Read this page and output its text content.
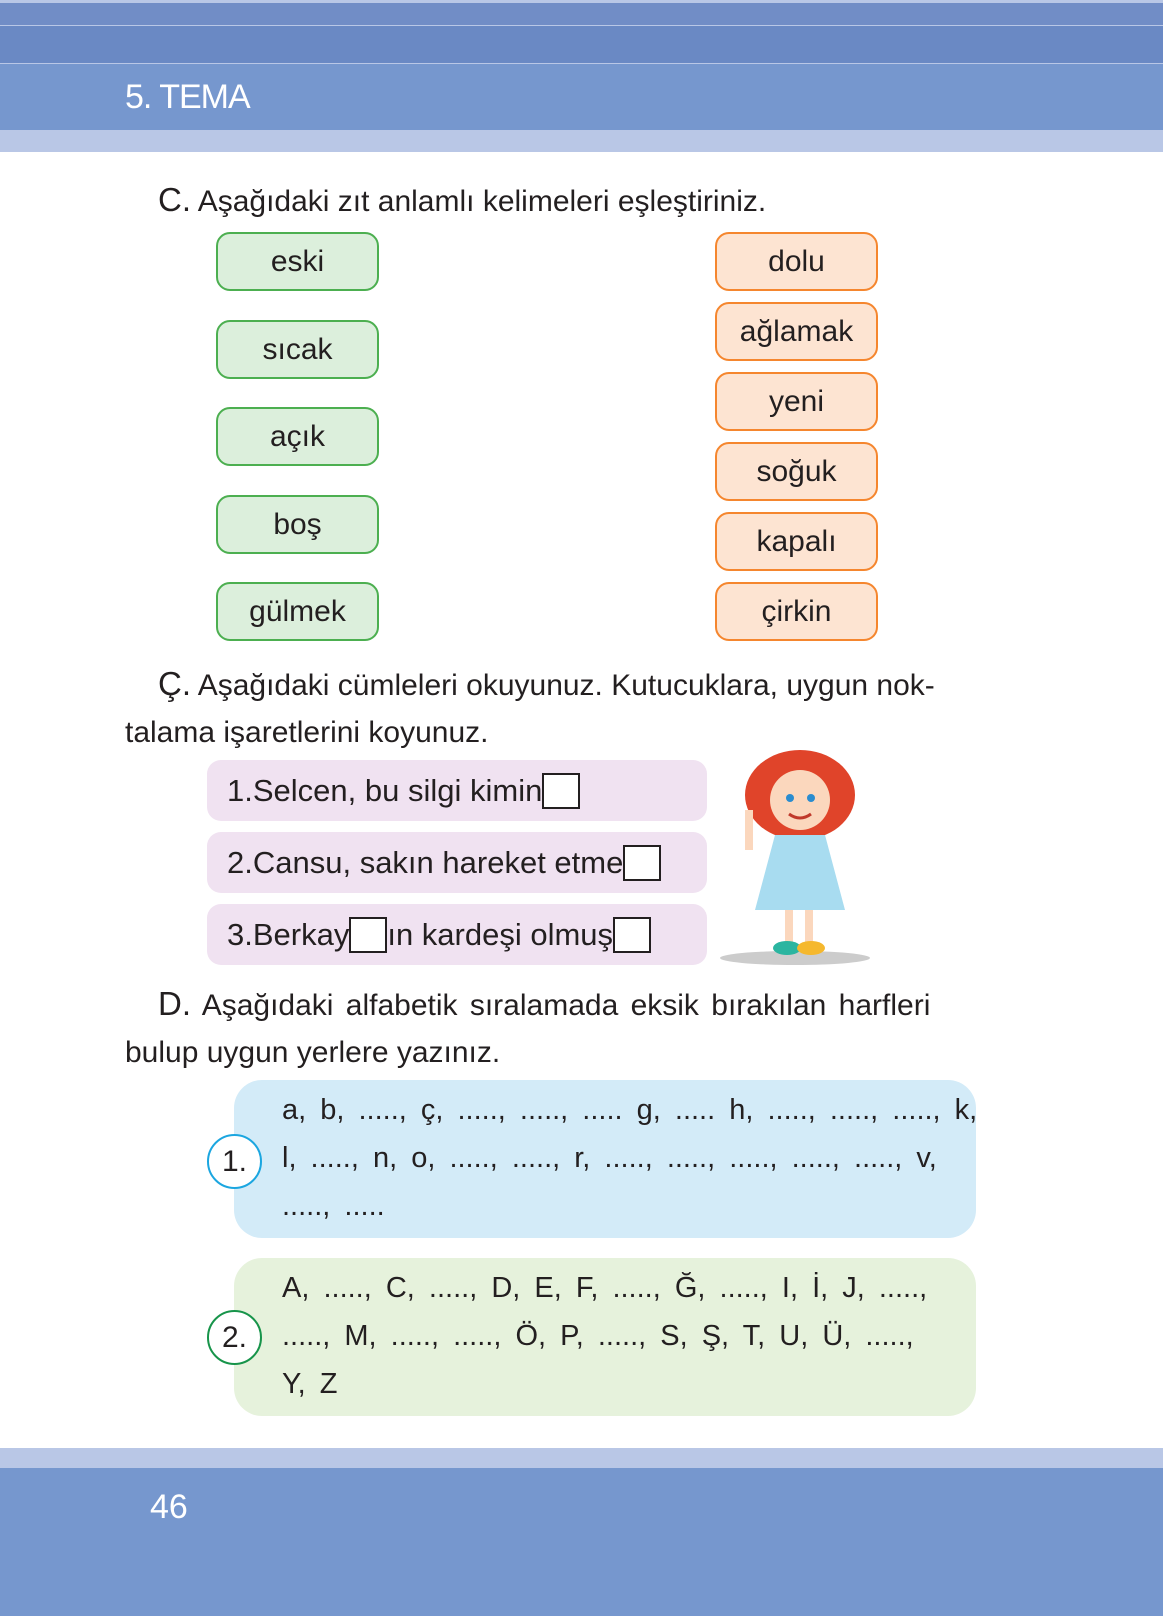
5. TEMA
C. Aşağıdaki zıt anlamlı kelimeleri eşleştiriniz.
eski
sıcak
açık
boş
gülmek
dolu
ağlamak
yeni
soğuk
kapalı
çirkin
Ç. Aşağıdaki cümleleri okuyunuz. Kutucuklara, uygun nok-
talama işaretlerini koyunuz.
1. Selcen, bu silgi kimin
2. Cansu, sakın hareket etme
3. Berkay ın kardeşi olmuş
D. Aşağıdaki alfabetik sıralamada eksik bırakılan harfleri
bulup uygun yerlere yazınız.
a, b, ....., ç, ....., ....., ..... g, ..... h, ....., ....., ....., k,
l, ....., n, o, ....., ....., r, ....., ....., ....., ....., ....., v,
....., .....
1.
A, ....., C, ....., D, E, F, ....., Ğ, ....., I, İ, J, .....,
....., M, ....., ....., Ö, P, ....., S, Ş, T, U, Ü, .....,
Y, Z
2.
46
